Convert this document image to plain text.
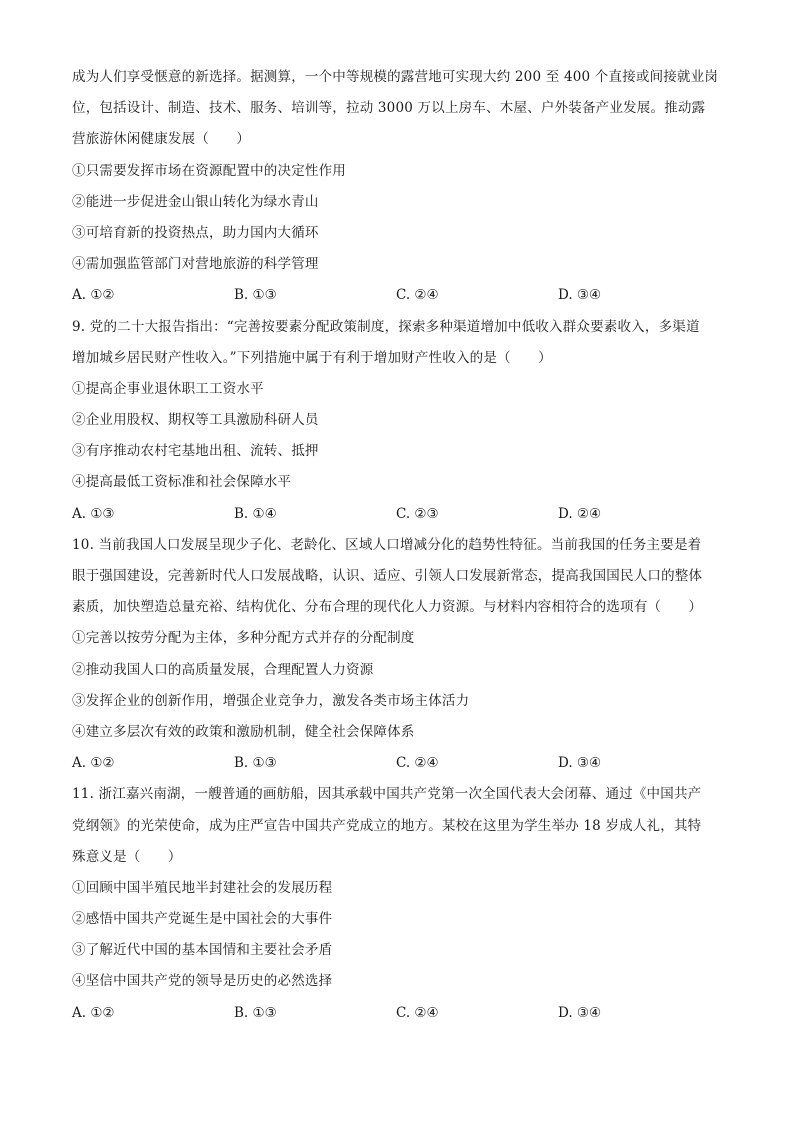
成为人们享受惬意的新选择。据测算，一个中等规模的露营地可实现大约 200 至 400 个直接或间接就业岗
位，包括设计、制造、技术、服务、培训等，拉动 3000 万以上房车、木屋、户外装备产业发展。推动露
营旅游休闲健康发展（　　）
①只需要发挥市场在资源配置中的决定性作用
②能进一步促进金山银山转化为绿水青山
③可培育新的投资热点，助力国内大循环
④需加强监管部门对营地旅游的科学管理
A. ①②	B. ①③	C. ②④	D. ③④
9. 党的二十大报告指出：“完善按要素分配政策制度，探索多种渠道增加中低收入群众要素收入，多渠道
增加城乡居民财产性收入。”下列措施中属于有利于增加财产性收入的是（　　）
①提高企事业退休职工工资水平
②企业用股权、期权等工具激励科研人员
③有序推动农村宅基地出租、流转、抵押
④提高最低工资标准和社会保障水平
A. ①③	B. ①④	C. ②③	D. ②④
10. 当前我国人口发展呈现少子化、老龄化、区域人口增减分化的趋势性特征。当前我国的任务主要是着
眼于强国建设，完善新时代人口发展战略，认识、适应、引领人口发展新常态，提高我国国民人口的整体
素质，加快塑造总量充裕、结构优化、分布合理的现代化人力资源。与材料内容相符合的选项有（　　）
①完善以按劳分配为主体，多种分配方式并存的分配制度
②推动我国人口的高质量发展，合理配置人力资源
③发挥企业的创新作用，增强企业竞争力，激发各类市场主体活力
④建立多层次有效的政策和激励机制，健全社会保障体系
A. ①②	B. ①③	C. ②④	D. ③④
11. 浙江嘉兴南湖，一艘普通的画舫船，因其承载中国共产党第一次全国代表大会闭幕、通过《中国共产
党纲领》的光荣使命，成为庄严宣告中国共产党成立的地方。某校在这里为学生举办 18 岁成人礼，其特
殊意义是（　　）
①回顾中国半殖民地半封建社会的发展历程
②感悟中国共产党诞生是中国社会的大事件
③了解近代中国的基本国情和主要社会矛盾
④坚信中国共产党的领导是历史的必然选择
A. ①②	B. ①③	C. ②④	D. ③④
